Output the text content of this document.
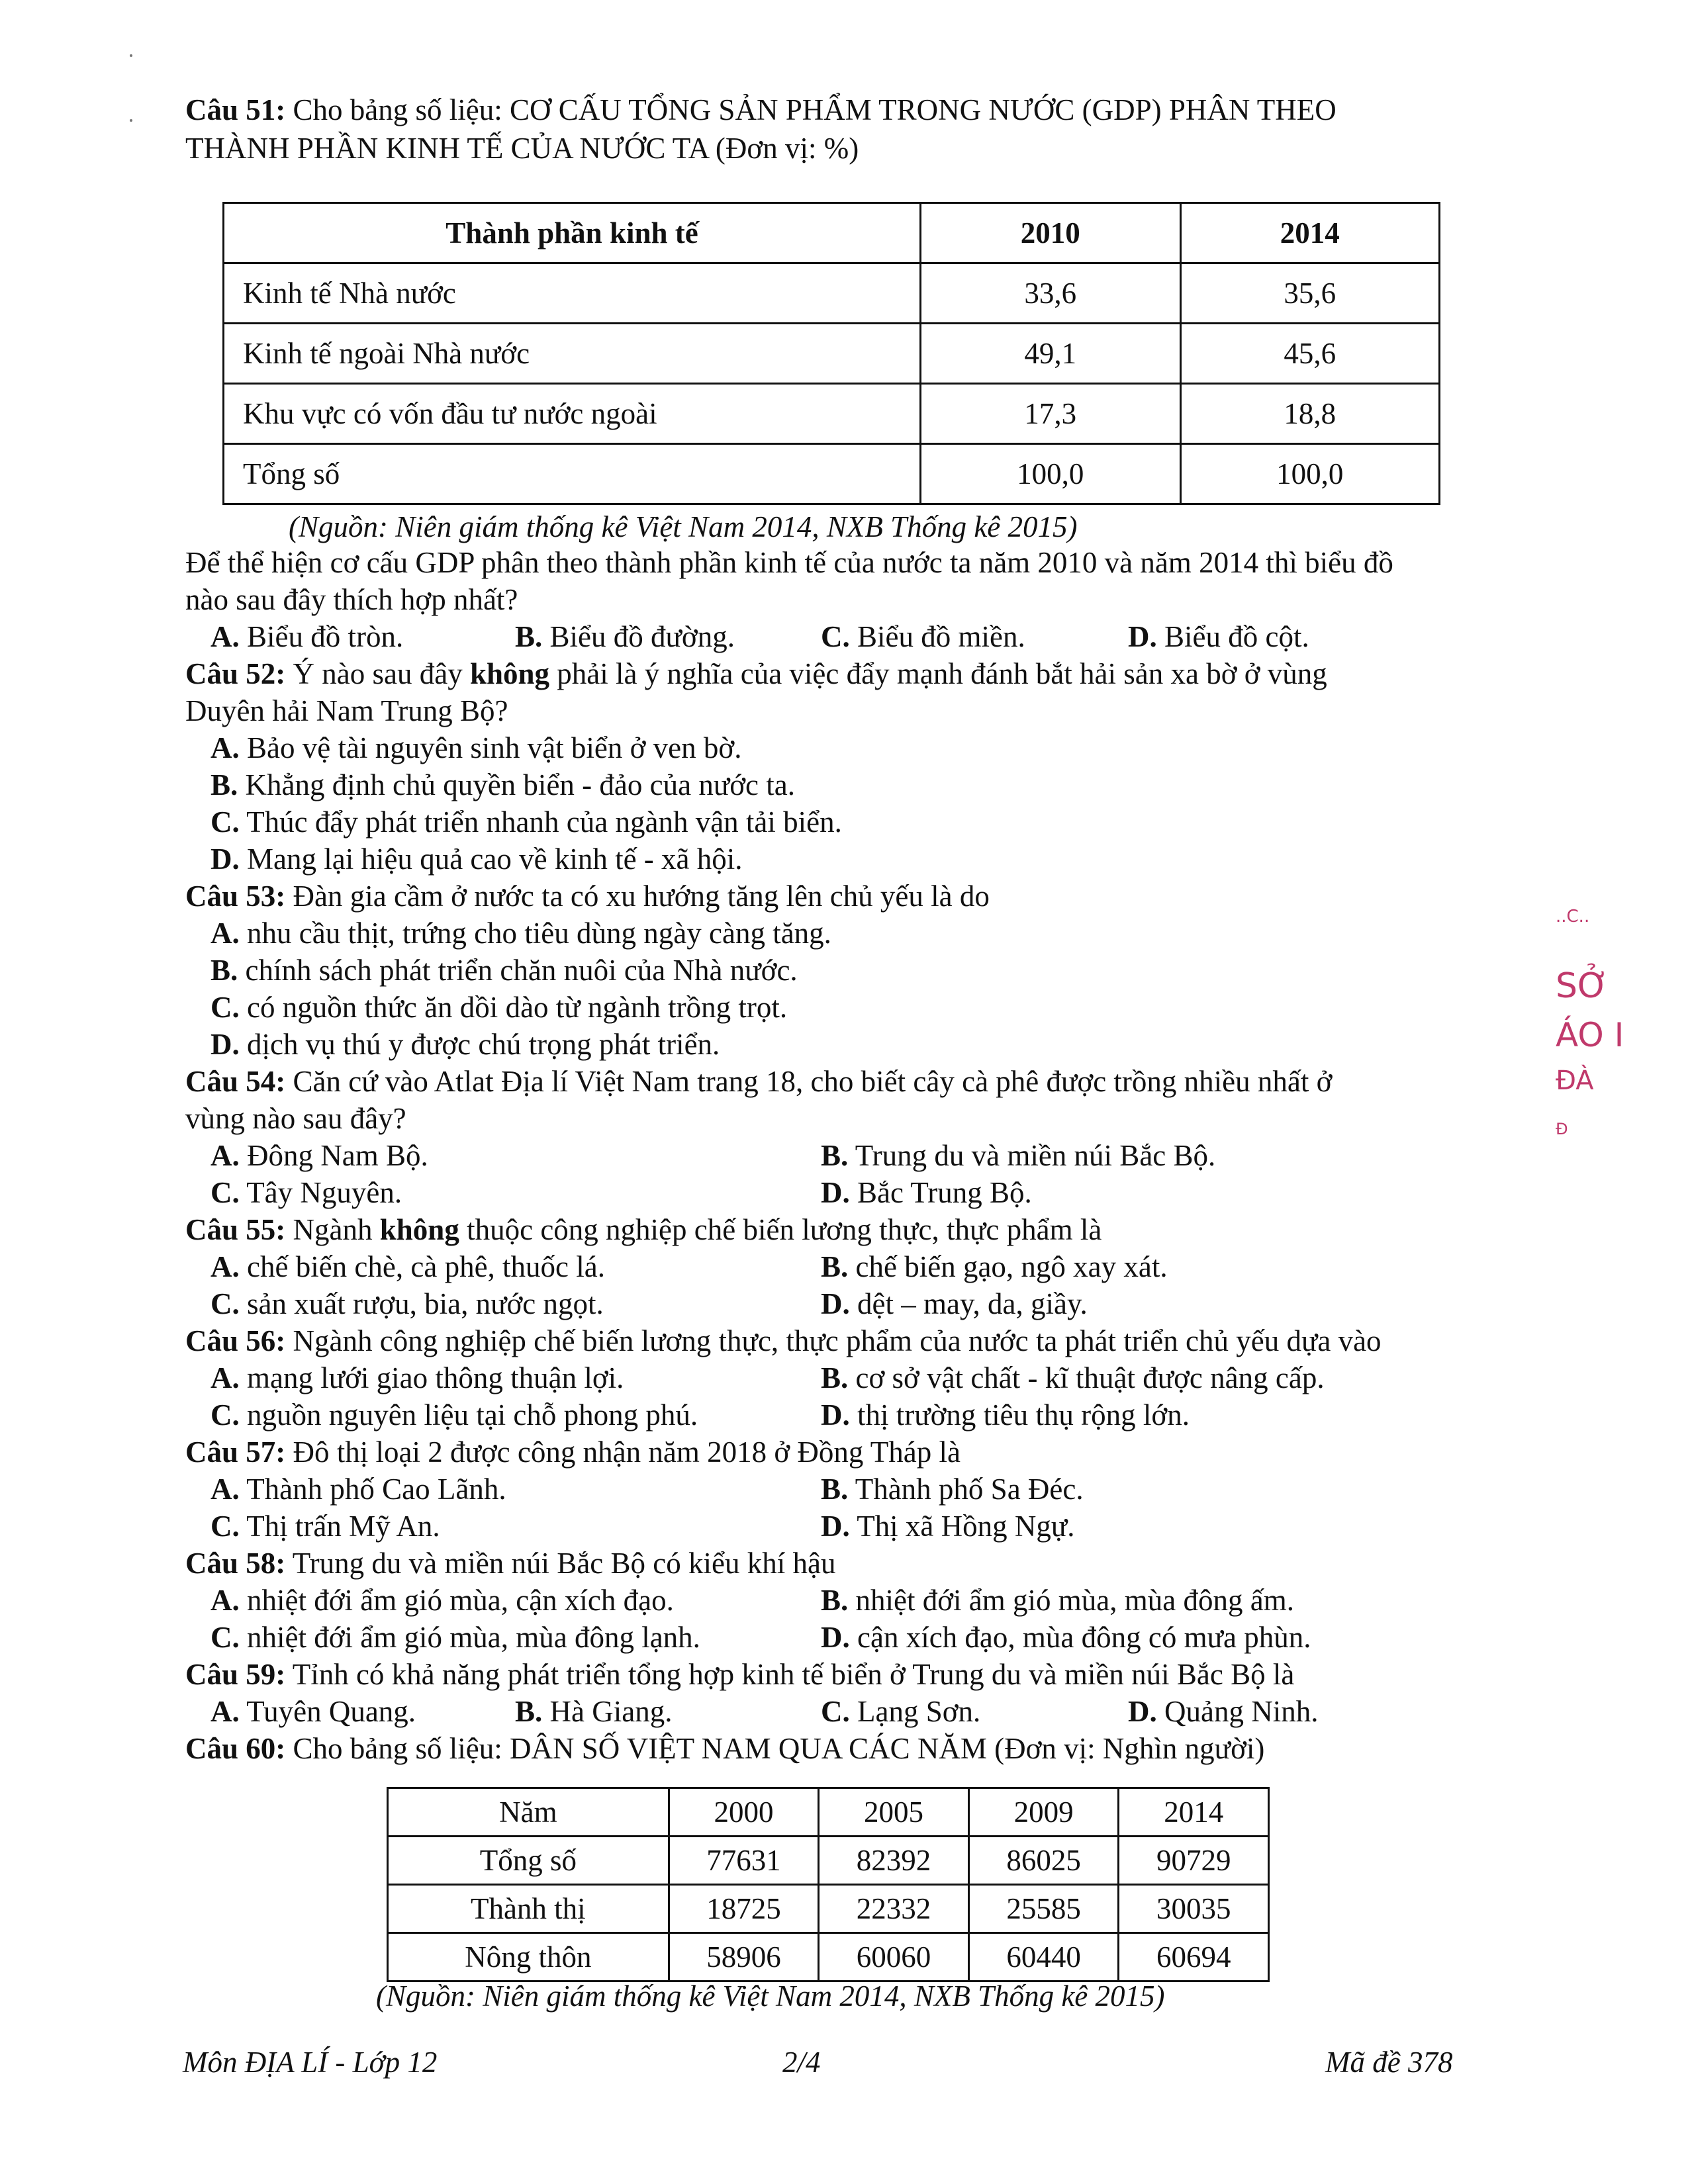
Câu 51: Cho bảng số liệu: CƠ CẤU TỔNG SẢN PHẨM TRONG NƯỚC (GDP) PHÂN THEO
THÀNH PHẦN KINH TẾ CỦA NƯỚC TA (Đơn vị: %)
Thành phần kinh tế	2010	2014
Kinh tế Nhà nước	33,6	35,6
Kinh tế ngoài Nhà nước	49,1	45,6
Khu vực có vốn đầu tư nước ngoài	17,3	18,8
Tổng số	100,0	100,0
(Nguồn: Niên giám thống kê Việt Nam 2014, NXB Thống kê 2015)
Để thể hiện cơ cấu GDP phân theo thành phần kinh tế của nước ta năm 2010 và năm 2014 thì biểu đồ
nào sau đây thích hợp nhất?
A. Biểu đồ tròn.	B. Biểu đồ đường.	C. Biểu đồ miền.	D. Biểu đồ cột.
Câu 52: Ý nào sau đây không phải là ý nghĩa của việc đẩy mạnh đánh bắt hải sản xa bờ ở vùng
Duyên hải Nam Trung Bộ?
A. Bảo vệ tài nguyên sinh vật biển ở ven bờ.
B. Khẳng định chủ quyền biển - đảo của nước ta.
C. Thúc đẩy phát triển nhanh của ngành vận tải biển.
D. Mang lại hiệu quả cao về kinh tế - xã hội.
Câu 53: Đàn gia cầm ở nước ta có xu hướng tăng lên chủ yếu là do
A. nhu cầu thịt, trứng cho tiêu dùng ngày càng tăng.
B. chính sách phát triển chăn nuôi của Nhà nước.
C. có nguồn thức ăn dồi dào từ ngành trồng trọt.
D. dịch vụ thú y được chú trọng phát triển.
Câu 54: Căn cứ vào Atlat Địa lí Việt Nam trang 18, cho biết cây cà phê được trồng nhiều nhất ở
vùng nào sau đây?
A. Đông Nam Bộ.	B. Trung du và miền núi Bắc Bộ.
C. Tây Nguyên.	D. Bắc Trung Bộ.
Câu 55: Ngành không thuộc công nghiệp chế biến lương thực, thực phẩm là
A. chế biến chè, cà phê, thuốc lá.	B. chế biến gạo, ngô xay xát.
C. sản xuất rượu, bia, nước ngọt.	D. dệt – may, da, giầy.
Câu 56: Ngành công nghiệp chế biến lương thực, thực phẩm của nước ta phát triển chủ yếu dựa vào
A. mạng lưới giao thông thuận lợi.	B. cơ sở vật chất - kĩ thuật được nâng cấp.
C. nguồn nguyên liệu tại chỗ phong phú.	D. thị trường tiêu thụ rộng lớn.
Câu 57: Đô thị loại 2 được công nhận năm 2018 ở Đồng Tháp là
A. Thành phố Cao Lãnh.	B. Thành phố Sa Đéc.
C. Thị trấn Mỹ An.	D. Thị xã Hồng Ngự.
Câu 58: Trung du và miền núi Bắc Bộ có kiểu khí hậu
A. nhiệt đới ẩm gió mùa, cận xích đạo.	B. nhiệt đới ẩm gió mùa, mùa đông ấm.
C. nhiệt đới ẩm gió mùa, mùa đông lạnh.	D. cận xích đạo, mùa đông có mưa phùn.
Câu 59: Tỉnh có khả năng phát triển tổng hợp kinh tế biển ở Trung du và miền núi Bắc Bộ là
A. Tuyên Quang.	B. Hà Giang.	C. Lạng Sơn.	D. Quảng Ninh.
Câu 60: Cho bảng số liệu: DÂN SỐ VIỆT NAM QUA CÁC NĂM (Đơn vị: Nghìn người)
Năm	2000	2005	2009	2014
Tổng số	77631	82392	86025	90729
Thành thị	18725	22332	25585	30035
Nông thôn	58906	60060	60440	60694
(Nguồn: Niên giám thống kê Việt Nam 2014, NXB Thống kê 2015)
Môn ĐỊA LÍ - Lớp 12	2/4	Mã đề 378
..C..
SỞ
ÁO I
ĐÀ
Đ
